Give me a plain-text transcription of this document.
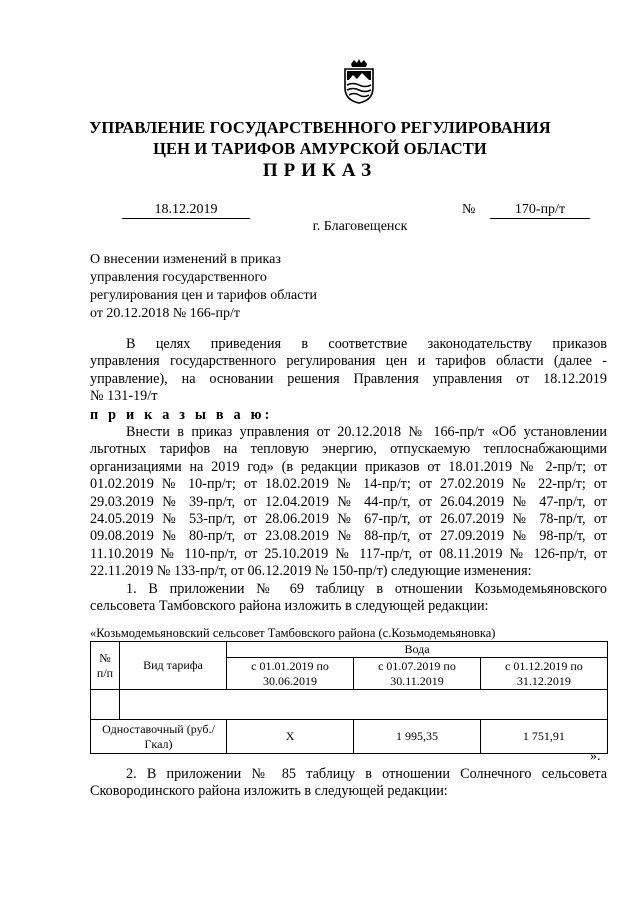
УПРАВЛЕНИЕ ГОСУДАРСТВЕННОГО РЕГУЛИРОВАНИЯ
ЦЕН И ТАРИФОВ АМУРСКОЙ ОБЛАСТИ
ПРИКАЗ
18.12.2019	№	170-пр/т
г. Благовещенск
О внесении изменений в приказ
управления государственного
регулирования цен и тарифов области
от 20.12.2018 № 166-пр/т
В целях приведения в соответствие законодательству приказов
управления государственного регулирования цен и тарифов области (далее -
управление), на основании решения Правления управления от 18.12.2019
№ 131-19/т
п р и к а з ы в а ю:
Внести в приказ управления от 20.12.2018 № 166-пр/т «Об установлении
льготных тарифов на тепловую энергию, отпускаемую теплоснабжающими
организациями на 2019 год» (в редакции приказов от 18.01.2019 № 2-пр/т; от
01.02.2019 № 10-пр/т; от 18.02.2019 № 14-пр/т; от 27.02.2019 № 22-пр/т; от
29.03.2019 № 39-пр/т, от 12.04.2019 № 44-пр/т, от 26.04.2019 № 47-пр/т, от
24.05.2019 № 53-пр/т, от 28.06.2019 № 67-пр/т, от 26.07.2019 № 78-пр/т, от
09.08.2019 № 80-пр/т, от 23.08.2019 № 88-пр/т, от 27.09.2019 № 98-пр/т, от
11.10.2019 № 110-пр/т, от 25.10.2019 № 117-пр/т, от 08.11.2019 № 126-пр/т, от
22.11.2019 № 133-пр/т, от 06.12.2019 № 150-пр/т) следующие изменения:
1. В приложении № 69 таблицу в отношении Козьмодемьяновского
сельсовета Тамбовского района изложить в следующей редакции:
«Козьмодемьяновский сельсовет Тамбовского района (с.Козьмодемьяновка)
№ п/п	Вид тарифа	Вода		
		с 01.01.2019 по 30.06.2019	с 01.07.2019 по 30.11.2019	с 01.12.2019 по 31.12.2019

Одноставочный (руб./Гкал)		Х	1 995,35	1 751,91
».
2. В приложении № 85 таблицу в отношении Солнечного сельсовета
Сковородинского района изложить в следующей редакции:
